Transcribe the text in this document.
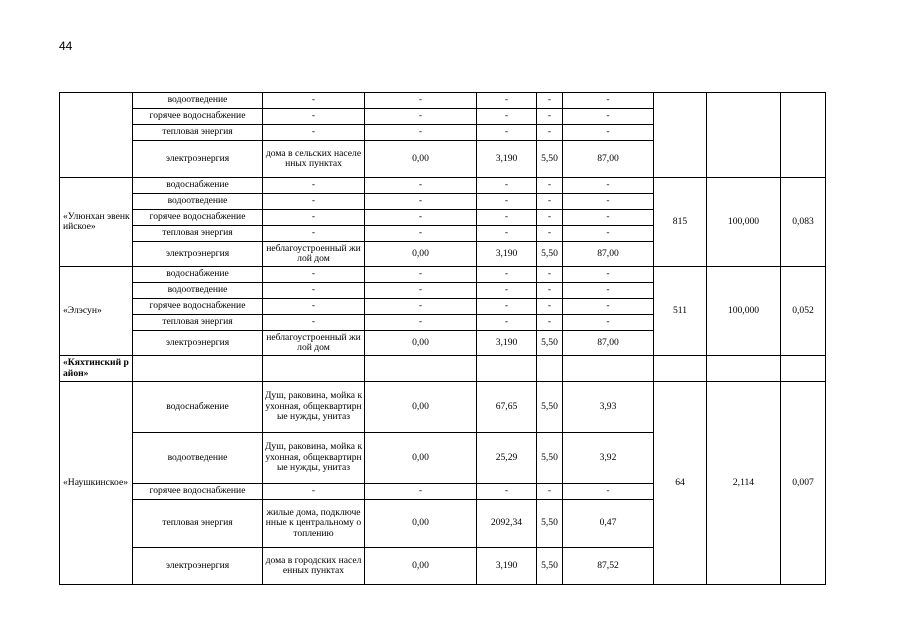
44
	водоотведение	-	-	-	-	-			
	горячее водоснабжение	-	-	-	-	-			
	тепловая энергия	-	-	-	-	-			
	электроэнергия	дома в сельских населенных пунктах	0,00	3,190	5,50	87,00			
«Улюнхан эвенкийское»	водоснабжение	-	-	-	-	-	815	100,000	0,083
	водоотведение	-	-	-	-	-			
	горячее водоснабжение	-	-	-	-	-			
	тепловая энергия	-	-	-	-	-			
	электроэнергия	неблагоустроенный жилой дом	0,00	3,190	5,50	87,00			
«Элэсун»	водоснабжение	-	-	-	-	-	511	100,000	0,052
	водоотведение	-	-	-	-	-			
	горячее водоснабжение	-	-	-	-	-			
	тепловая энергия	-	-	-	-	-			
	электроэнергия	неблагоустроенный жилой дом	0,00	3,190	5,50	87,00			
«Кяхтинский район»									
«Наушкинское»	водоснабжение	Душ, раковина, мойка кухонная, общеквартирные нужды, унитаз	0,00	67,65	5,50	3,93	64	2,114	0,007
	водоотведение	Душ, раковина, мойка кухонная, общеквартирные нужды, унитаз	0,00	25,29	5,50	3,92			
	горячее водоснабжение	-	-	-	-	-			
	тепловая энергия	жилые дома, подключенные к центральному отоплению	0,00	2092,34	5,50	0,47			
	электроэнергия	дома в городских населенных пунктах	0,00	3,190	5,50	87,52			
